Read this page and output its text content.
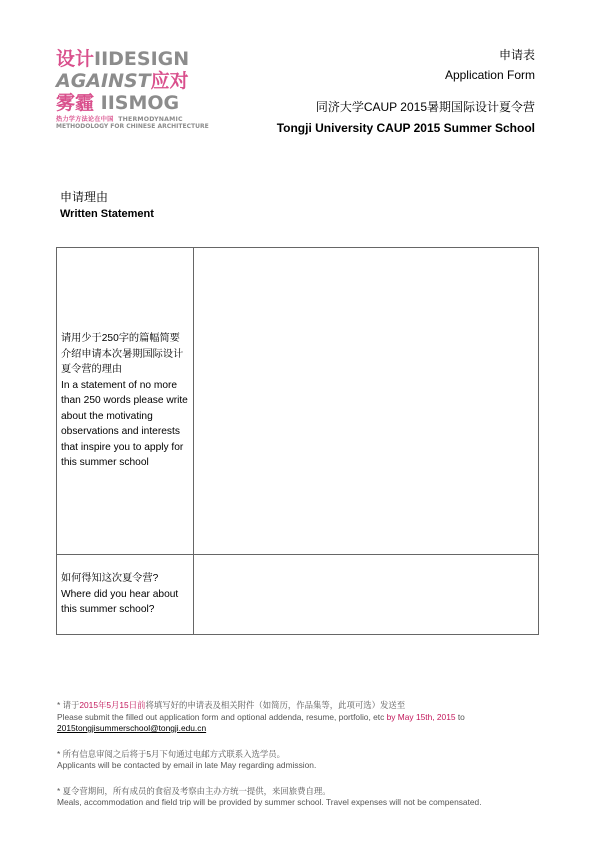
设计IIDESIGN
AGAINST应对
雾霾 IISMOG
热力学方法论在中国 THERMODYNAMIC
METHODOLOGY FOR CHINESE ARCHITECTURE
申请表
Application Form
同济大学CAUP 2015暑期国际设计夏令营
Tongji University CAUP 2015 Summer School
申请理由
Written Statement
请用少于250字的篇幅简要介绍申请本次暑期国际设计夏令营的理由
In a statement of no more than 250 words please write about the motivating observations and interests that inspire you to apply for this summer school	

如何得知这次夏令营?
Where did you hear about this summer school?	

* 请于2015年5月15日前将填写好的申请表及相关附件（如简历，作品集等，此项可选）发送至
Please submit the filled out application form and optional addenda, resume, portfolio, etc by May 15th, 2015 to
2015tongjisummerschool@tongji.edu.cn

* 所有信息审阅之后将于5月下旬通过电邮方式联系入选学员。
Applicants will be contacted by email in late May regarding admission.

* 夏令营期间，所有成员的食宿及考察由主办方统一提供，来回旅费自理。
Meals, accommodation and field trip will be provided by summer school. Travel expenses will not be compensated.
